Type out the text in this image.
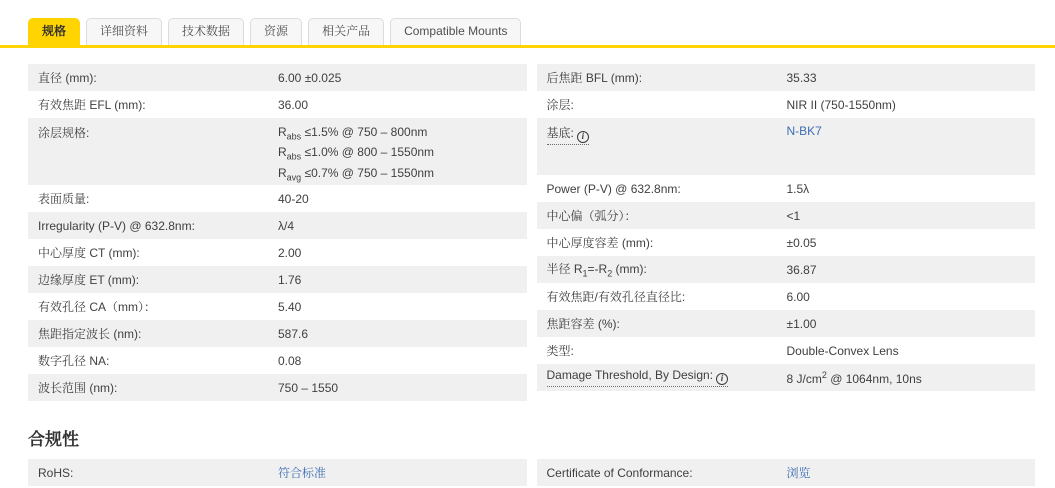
规格	详细资料	技术数据	资源	相关产品	Compatible Mounts
直径 (mm):	6.00 ±0.025
有效焦距 EFL (mm):	36.00
涂层规格:	$R_{abs} \le 1.5\%$ @ 750 – 800nm
$R_{abs} \le 1.0\%$ @ 800 – 1550nm
$R_{avg} \le 0.7\%$ @ 750 – 1550nm
表面质量:	40-20
Irregularity (P-V) @ 632.8nm:	λ/4
中心厚度 CT (mm):	2.00
边缘厚度 ET (mm):	1.76
有效孔径 CA（mm）：	5.40
焦距指定波长 (nm):	587.6
数字孔径 NA:	0.08
波长范围 (nm):	750 – 1550
后焦距 BFL (mm):	35.33
涂层:	NIR II (750-1550nm)
基底: i	N-BK7
Power (P-V) @ 632.8nm:	1.5λ
中心偏（弧分）：	<1
中心厚度容差 (mm):	±0.05
半径 $R_1=-R_2$ (mm):	36.87
有效焦距/有效孔径直径比:	6.00
焦距容差 (%):	±1.00
类型:	Double-Convex Lens
Damage Threshold, By Design: i	8 $J/cm^2$ @ 1064nm, 10ns
合规性
RoHS:	符合标准	Certificate of Conformance:	浏览
